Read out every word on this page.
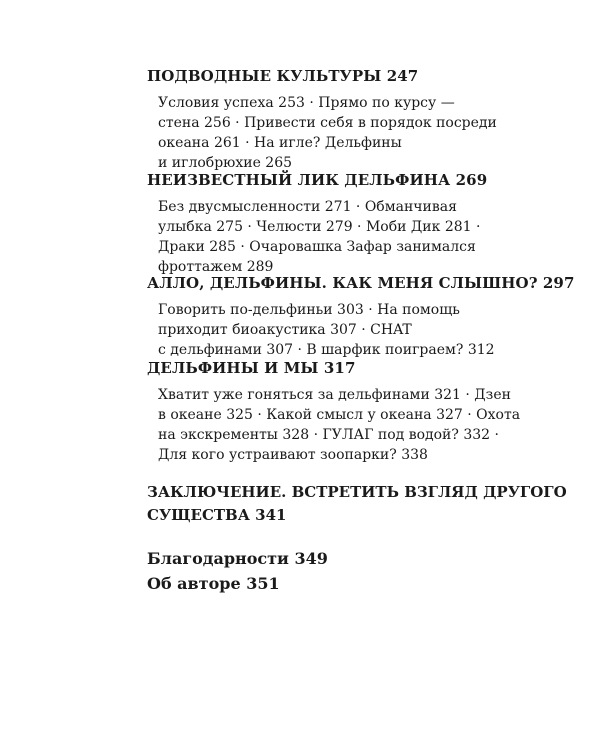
ПОДВОДНЫЕ КУЛЬТУРЫ 247
Условия успеха 253 · Прямо по курсу —
стена 256 · Привести себя в порядок посреди
океана 261 · На игле? Дельфины
и иглобрюхие 265
НЕИЗВЕСТНЫЙ ЛИК ДЕЛЬФИНА 269
Без двусмысленности 271 · Обманчивая
улыбка 275 · Челюсти 279 · Моби Дик 281 ·
Драки 285 · Очаровашка Зафар занимался
фроттажем 289
АЛЛО, ДЕЛЬФИНЫ. КАК МЕНЯ СЛЫШНО? 297
Говорить по-дельфиньи 303 · На помощь
приходит биоакустика 307 · CHAT
с дельфинами 307 · В шарфик поиграем? 312
ДЕЛЬФИНЫ И МЫ 317
Хватит уже гоняться за дельфинами 321 · Дзен
в океане 325 · Какой смысл у океана 327 · Охота
на экскременты 328 · ГУЛАГ под водой? 332 ·
Для кого устраивают зоопарки? 338
ЗАКЛЮЧЕНИЕ. ВСТРЕТИТЬ ВЗГЛЯД ДРУГОГО
СУЩЕСТВА 341
Благодарности 349
Об авторе 351
